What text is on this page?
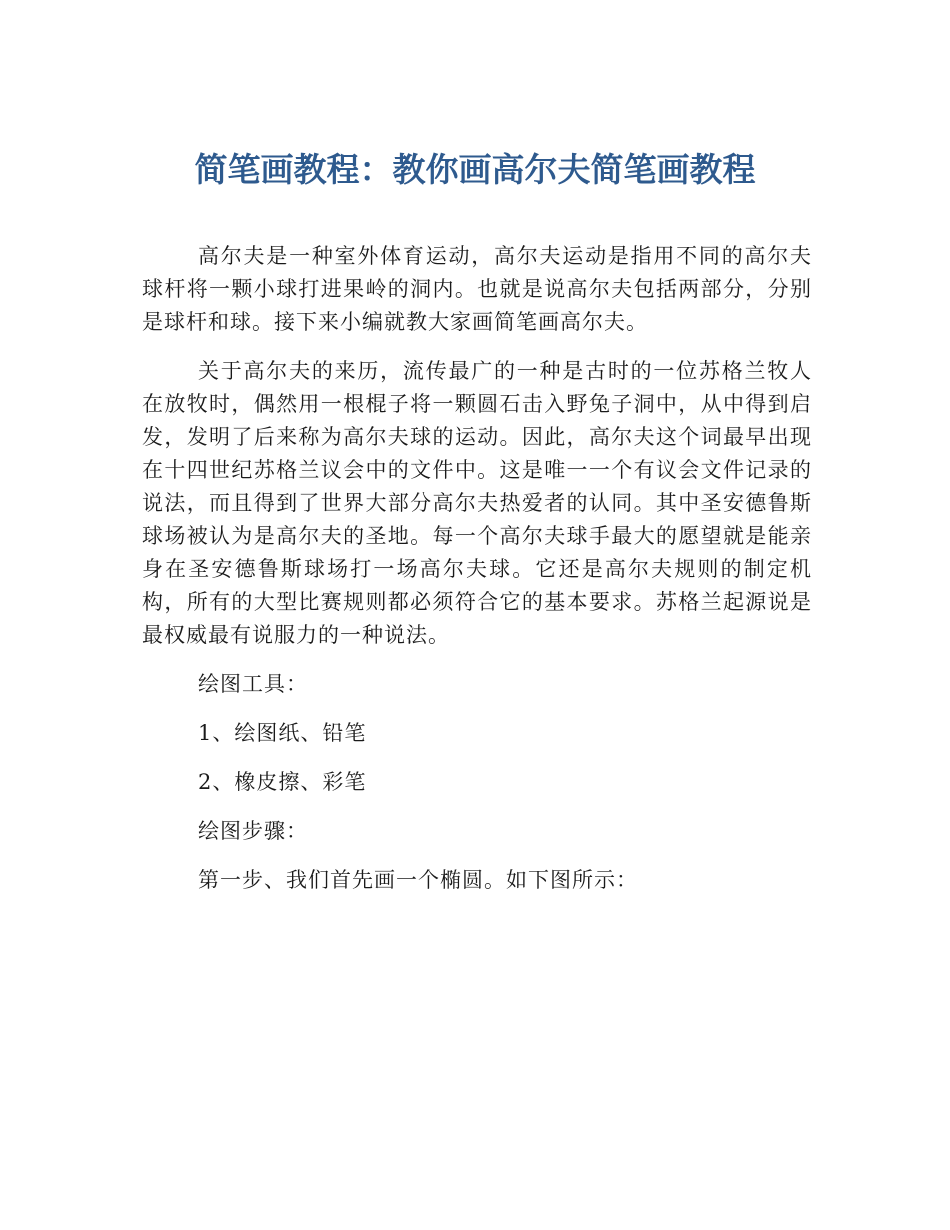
简笔画教程：教你画高尔夫简笔画教程

高尔夫是一种室外体育运动，高尔夫运动是指用不同的高尔夫球杆将一颗小球打进果岭的洞内。也就是说高尔夫包括两部分，分别是球杆和球。接下来小编就教大家画简笔画高尔夫。

关于高尔夫的来历，流传最广的一种是古时的一位苏格兰牧人在放牧时，偶然用一根棍子将一颗圆石击入野兔子洞中，从中得到启发，发明了后来称为高尔夫球的运动。因此，高尔夫这个词最早出现在十四世纪苏格兰议会中的文件中。这是唯一一个有议会文件记录的说法，而且得到了世界大部分高尔夫热爱者的认同。其中圣安德鲁斯球场被认为是高尔夫的圣地。每一个高尔夫球手最大的愿望就是能亲身在圣安德鲁斯球场打一场高尔夫球。它还是高尔夫规则的制定机构，所有的大型比赛规则都必须符合它的基本要求。苏格兰起源说是最权威最有说服力的一种说法。

绘图工具：

1、绘图纸、铅笔

2、橡皮擦、彩笔

绘图步骤：

第一步、我们首先画一个椭圆。如下图所示：
